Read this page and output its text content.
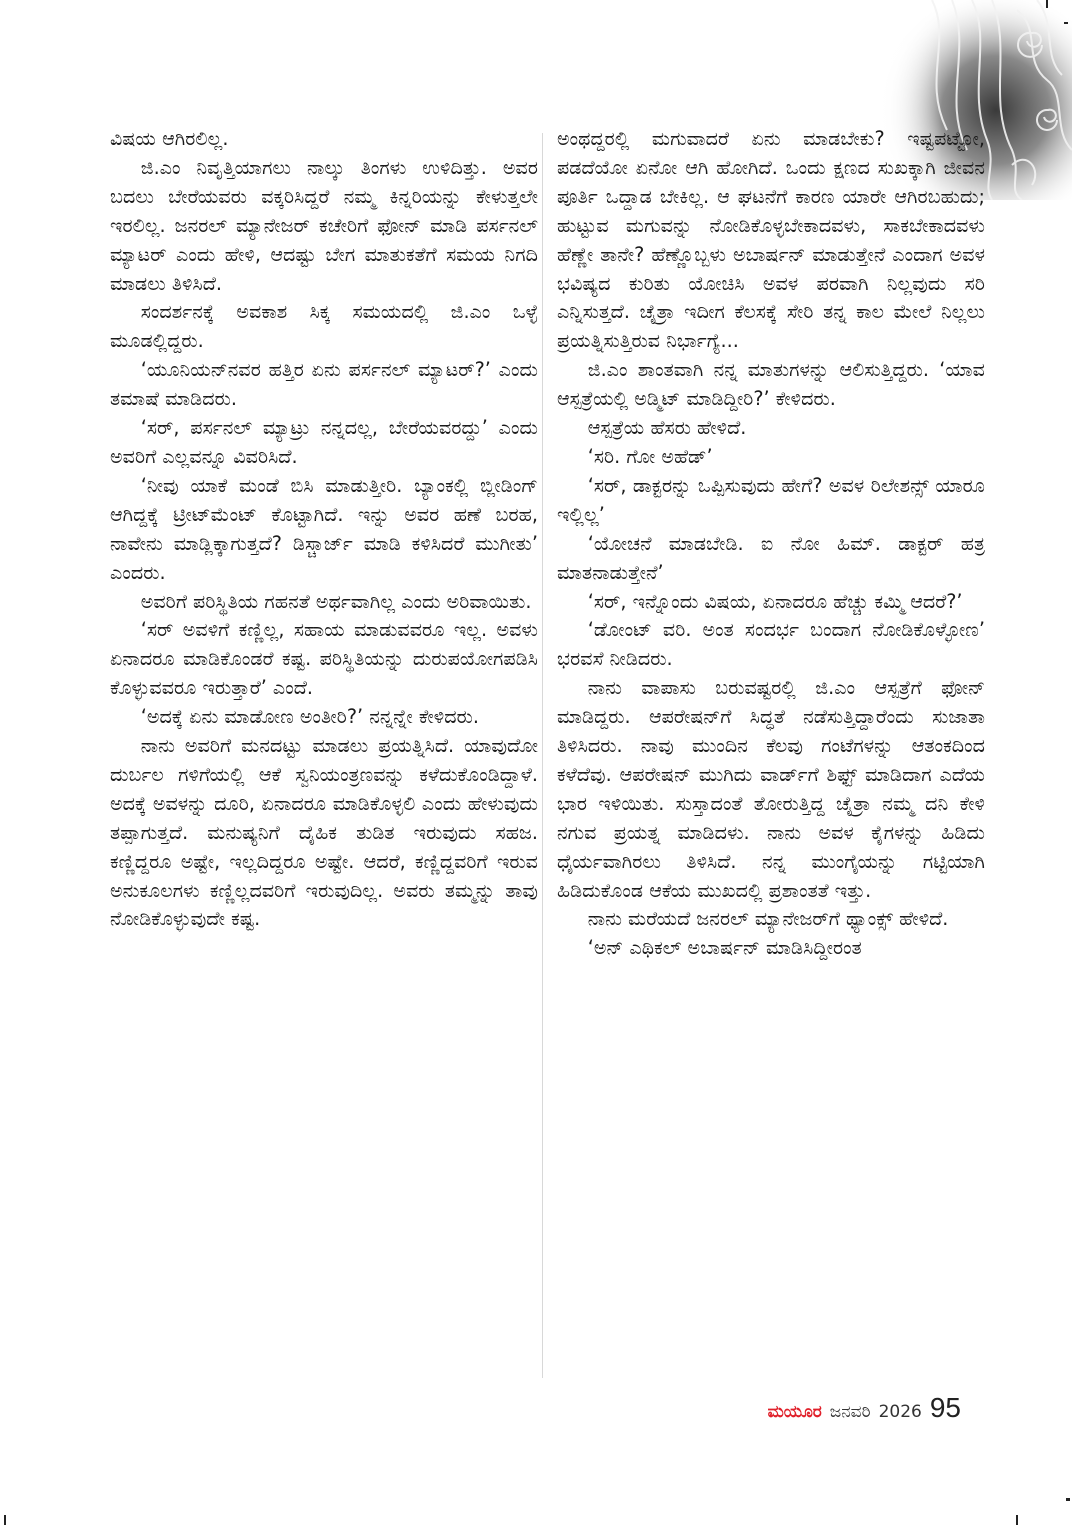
ವಿಷಯ ಆಗಿರಲಿಲ್ಲ.

ಜಿ.ಎಂ ನಿವೃತ್ತಿಯಾಗಲು ನಾಲ್ಕು ತಿಂಗಳು ಉಳಿದಿತ್ತು. ಅವರ ಬದಲು ಬೇರೆಯವರು ವಕ್ಕರಿಸಿದ್ದರೆ ನಮ್ಮ ಕಿನ್ನರಿಯನ್ನು ಕೇಳುತ್ತಲೇ ಇರಲಿಲ್ಲ. ಜನರಲ್ ಮ್ಯಾನೇಜರ್ ಕಚೇರಿಗೆ ಫೋನ್ ಮಾಡಿ ಪರ್ಸನಲ್ ಮ್ಯಾಟರ್ ಎಂದು ಹೇಳಿ, ಆದಷ್ಟು ಬೇಗ ಮಾತುಕತೆಗೆ ಸಮಯ ನಿಗದಿ ಮಾಡಲು ತಿಳಿಸಿದೆ.

ಸಂದರ್ಶನಕ್ಕೆ ಅವಕಾಶ ಸಿಕ್ಕ ಸಮಯದಲ್ಲಿ ಜಿ.ಎಂ ಒಳ್ಳೆ ಮೂಡಲ್ಲಿದ್ದರು.

‘ಯೂನಿಯನ್‌ನವರ ಹತ್ತಿರ ಏನು ಪರ್ಸನಲ್ ಮ್ಯಾಟರ್?’ ಎಂದು ತಮಾಷೆ ಮಾಡಿದರು.

‘ಸರ್, ಪರ್ಸನಲ್ ಮ್ಯಾಟ್ರು ನನ್ನದಲ್ಲ, ಬೇರೆಯವರದ್ದು’ ಎಂದು ಅವರಿಗೆ ಎಲ್ಲವನ್ನೂ ವಿವರಿಸಿದೆ.

‘ನೀವು ಯಾಕೆ ಮಂಡೆ ಬಿಸಿ ಮಾಡುತ್ತೀರಿ. ಬ್ಯಾಂಕಲ್ಲಿ ಬ್ಲೀಡಿಂಗ್ ಆಗಿದ್ದಕ್ಕೆ ಟ್ರೀಟ್‌ಮೆಂಟ್ ಕೊಟ್ಟಾಗಿದೆ. ಇನ್ನು ಅವರ ಹಣೆ ಬರಹ, ನಾವೇನು ಮಾಡ್ಲಿಕ್ಕಾಗುತ್ತದೆ? ಡಿಸ್ಚಾರ್ಜ್ ಮಾಡಿ ಕಳಿಸಿದರೆ ಮುಗೀತು’ ಎಂದರು.

ಅವರಿಗೆ ಪರಿಸ್ಥಿತಿಯ ಗಹನತೆ ಅರ್ಥವಾಗಿಲ್ಲ ಎಂದು ಅರಿವಾಯಿತು.

‘ಸರ್ ಅವಳಿಗೆ ಕಣ್ಣಿಲ್ಲ, ಸಹಾಯ ಮಾಡುವವರೂ ಇಲ್ಲ. ಅವಳು ಏನಾದರೂ ಮಾಡಿಕೊಂಡರೆ ಕಷ್ಟ. ಪರಿಸ್ಥಿತಿಯನ್ನು ದುರುಪಯೋಗಪಡಿಸಿ ಕೊಳ್ಳುವವರೂ ಇರುತ್ತಾರೆ’ ಎಂದೆ.

‘ಅದಕ್ಕೆ ಏನು ಮಾಡೋಣ ಅಂತೀರಿ?’ ನನ್ನನ್ನೇ ಕೇಳಿದರು.

ನಾನು ಅವರಿಗೆ ಮನದಟ್ಟು ಮಾಡಲು ಪ್ರಯತ್ನಿಸಿದೆ. ಯಾವುದೋ ದುರ್ಬಲ ಗಳಿಗೆಯಲ್ಲಿ ಆಕೆ ಸ್ವನಿಯಂತ್ರಣವನ್ನು ಕಳೆದುಕೊಂಡಿದ್ದಾಳೆ. ಅದಕ್ಕೆ ಅವಳನ್ನು ದೂರಿ, ಏನಾದರೂ ಮಾಡಿಕೊಳ್ಳಲಿ ಎಂದು ಹೇಳುವುದು ತಪ್ಪಾಗುತ್ತದೆ. ಮನುಷ್ಯನಿಗೆ ದೈಹಿಕ ತುಡಿತ ಇರುವುದು ಸಹಜ. ಕಣ್ಣಿದ್ದರೂ ಅಷ್ಟೇ, ಇಲ್ಲದಿದ್ದರೂ ಅಷ್ಟೇ. ಆದರೆ, ಕಣ್ಣಿದ್ದವರಿಗೆ ಇರುವ ಅನುಕೂಲಗಳು ಕಣ್ಣಿಲ್ಲದವರಿಗೆ ಇರುವುದಿಲ್ಲ. ಅವರು ತಮ್ಮನ್ನು ತಾವು ನೋಡಿಕೊಳ್ಳುವುದೇ ಕಷ್ಟ.

ಅಂಥದ್ದರಲ್ಲಿ ಮಗುವಾದರೆ ಏನು ಮಾಡಬೇಕು? ಇಷ್ಟಪಟ್ಟೋ, ಪಡದೆಯೋ ಏನೋ ಆಗಿ ಹೋಗಿದೆ. ಒಂದು ಕ್ಷಣದ ಸುಖಕ್ಕಾಗಿ ಜೀವನ ಪೂರ್ತಿ ಒದ್ದಾಡ ಬೇಕಿಲ್ಲ. ಆ ಘಟನೆಗೆ ಕಾರಣ ಯಾರೇ ಆಗಿರಬಹುದು; ಹುಟ್ಟುವ ಮಗುವನ್ನು ನೋಡಿಕೊಳ್ಳಬೇಕಾದವಳು, ಸಾಕಬೇಕಾದವಳು ಹೆಣ್ಣೇ ತಾನೇ? ಹೆಣ್ಣೊಬ್ಬಳು ಅಬಾರ್ಷನ್ ಮಾಡುತ್ತೇನೆ ಎಂದಾಗ ಅವಳ ಭವಿಷ್ಯದ ಕುರಿತು ಯೋಚಿಸಿ ಅವಳ ಪರವಾಗಿ ನಿಲ್ಲವುದು ಸರಿ ಎನ್ನಿಸುತ್ತದೆ. ಚೈತ್ರಾ ಇದೀಗ ಕೆಲಸಕ್ಕೆ ಸೇರಿ ತನ್ನ ಕಾಲ ಮೇಲೆ ನಿಲ್ಲಲು ಪ್ರಯತ್ನಿಸುತ್ತಿರುವ ನಿರ್ಭಾಗ್ಯೆ...

ಜಿ.ಎಂ ಶಾಂತವಾಗಿ ನನ್ನ ಮಾತುಗಳನ್ನು ಆಲಿಸುತ್ತಿದ್ದರು. ‘ಯಾವ ಆಸ್ಪತ್ರೆಯಲ್ಲಿ ಅಡ್ಮಿಟ್ ಮಾಡಿದ್ದೀರಿ?’ ಕೇಳಿದರು.

ಆಸ್ಪತ್ರೆಯ ಹೆಸರು ಹೇಳಿದೆ.

‘ಸರಿ. ಗೋ ಅಹೆಡ್’

‘ಸರ್, ಡಾಕ್ಟರನ್ನು ಒಪ್ಪಿಸುವುದು ಹೇಗೆ? ಅವಳ ರಿಲೇಶನ್ಸ್ ಯಾರೂ ಇಲ್ಲಿಲ್ಲ’

‘ಯೋಚನೆ ಮಾಡಬೇಡಿ. ಐ ನೋ ಹಿಮ್. ಡಾಕ್ಟರ್ ಹತ್ರ ಮಾತನಾಡುತ್ತೇನೆ’

‘ಸರ್, ಇನ್ನೊಂದು ವಿಷಯ, ಏನಾದರೂ ಹೆಚ್ಚು ಕಮ್ಮಿ ಆದರೆ?’

‘ಡೋಂಟ್ ವರಿ. ಅಂತ ಸಂದರ್ಭ ಬಂದಾಗ ನೋಡಿಕೊಳ್ಳೋಣ’ ಭರವಸೆ ನೀಡಿದರು.

ನಾನು ವಾಪಾಸು ಬರುವಷ್ಟರಲ್ಲಿ ಜಿ.ಎಂ ಆಸ್ಪತ್ರೆಗೆ ಫೋನ್ ಮಾಡಿದ್ದರು. ಆಪರೇಷನ್‌ಗೆ ಸಿದ್ಧತೆ ನಡೆಸುತ್ತಿದ್ದಾರೆಂದು ಸುಜಾತಾ ತಿಳಿಸಿದರು. ನಾವು ಮುಂದಿನ ಕೆಲವು ಗಂಟೆಗಳನ್ನು ಆತಂಕದಿಂದ ಕಳೆದೆವು. ಆಪರೇಷನ್ ಮುಗಿದು ವಾರ್ಡ್‌ಗೆ ಶಿಫ್ಟ್ ಮಾಡಿದಾಗ ಎದೆಯ ಭಾರ ಇಳಿಯಿತು. ಸುಸ್ತಾದಂತೆ ತೋರುತ್ತಿದ್ದ ಚೈತ್ರಾ ನಮ್ಮ ದನಿ ಕೇಳಿ ನಗುವ ಪ್ರಯತ್ನ ಮಾಡಿದಳು. ನಾನು ಅವಳ ಕೈಗಳನ್ನು ಹಿಡಿದು ಧೈರ್ಯವಾಗಿರಲು ತಿಳಿಸಿದೆ. ನನ್ನ ಮುಂಗೈಯನ್ನು ಗಟ್ಟಿಯಾಗಿ ಹಿಡಿದುಕೊಂಡ ಆಕೆಯ ಮುಖದಲ್ಲಿ ಪ್ರಶಾಂತತೆ ಇತ್ತು.

ನಾನು ಮರೆಯದೆ ಜನರಲ್ ಮ್ಯಾನೇಜರ್‌ಗೆ ಥ್ಯಾಂಕ್ಸ್ ಹೇಳಿದೆ.

‘ಅನ್ ಎಥಿಕಲ್ ಅಬಾರ್ಷನ್ ಮಾಡಿಸಿದ್ದೀರಂತ

ಮಯೂರ ಜನವರಿ 2026 95
